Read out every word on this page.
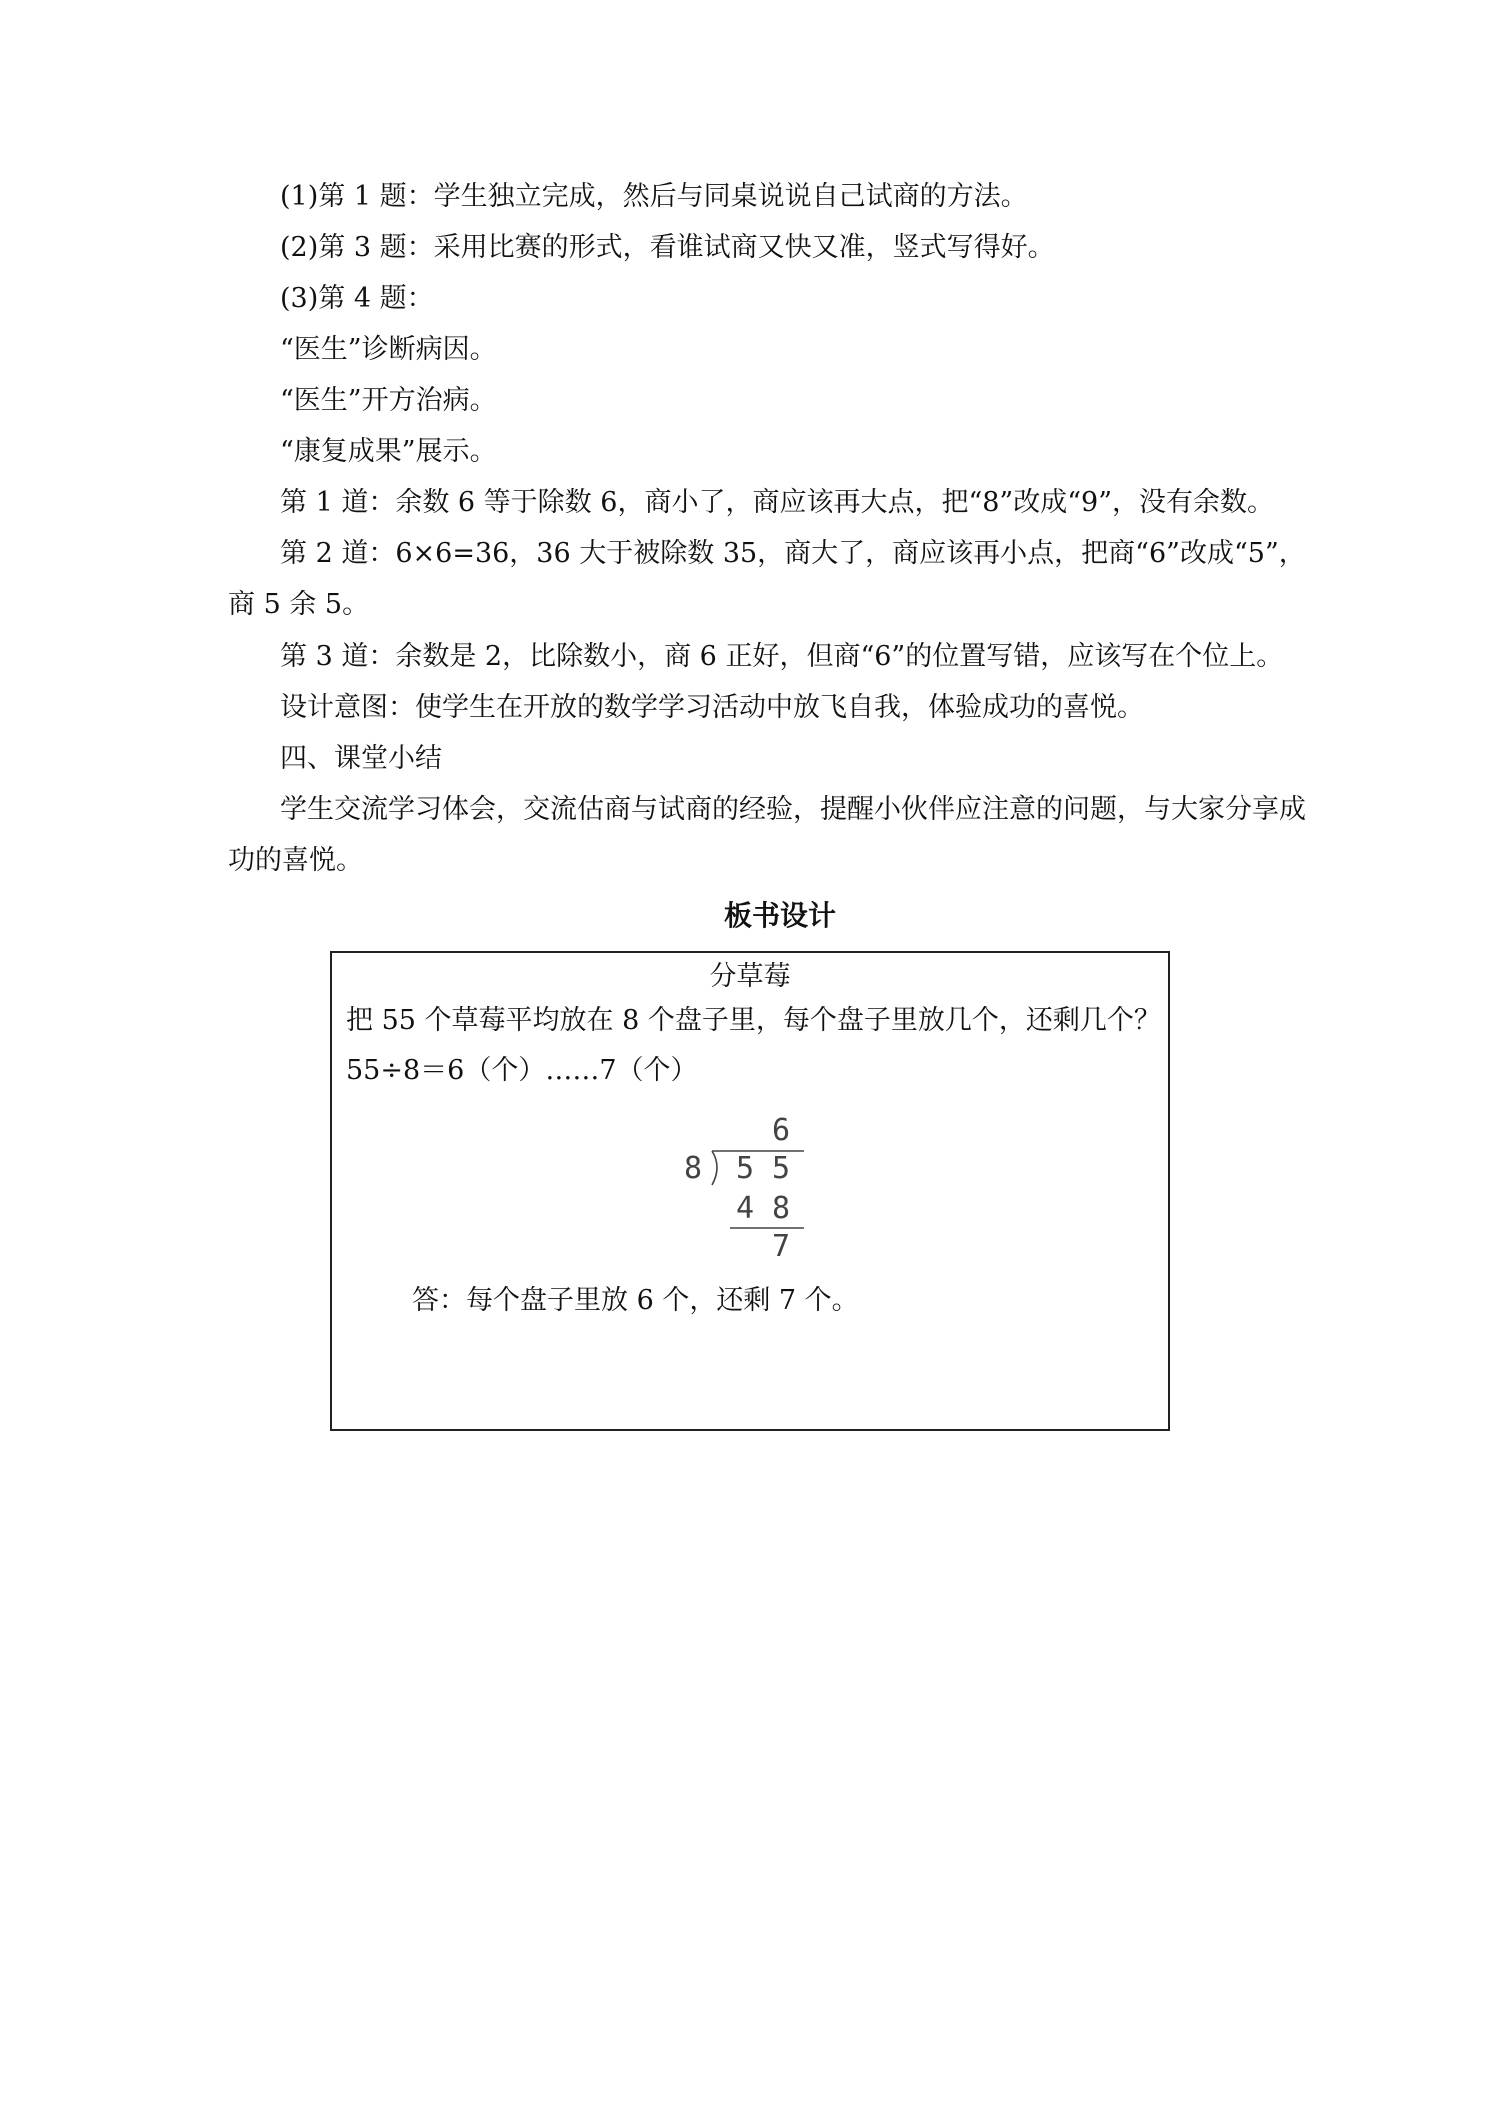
(1)第 1 题：学生独立完成，然后与同桌说说自己试商的方法。
(2)第 3 题：采用比赛的形式，看谁试商又快又准，竖式写得好。
(3)第 4 题：
“医生”诊断病因。
“医生”开方治病。
“康复成果”展示。
第 1 道：余数 6 等于除数 6，商小了，商应该再大点，把“8”改成“9”，没有余数。
第 2 道：6×6=36，36 大于被除数 35，商大了，商应该再小点，把商“6”改成“5”，
商 5 余 5。
第 3 道：余数是 2，比除数小，商 6 正好，但商“6”的位置写错，应该写在个位上。
设计意图：使学生在开放的数学学习活动中放飞自我，体验成功的喜悦。
四、课堂小结
学生交流学习体会，交流估商与试商的经验，提醒小伙伴应注意的问题，与大家分享成
功的喜悦。
板书设计
分草莓
把 55 个草莓平均放在 8 个盘子里，每个盘子里放几个，还剩几个？
55÷8＝6（个）……7（个）
6
8 5 5
4 8
7
答：每个盘子里放 6 个，还剩 7 个。
